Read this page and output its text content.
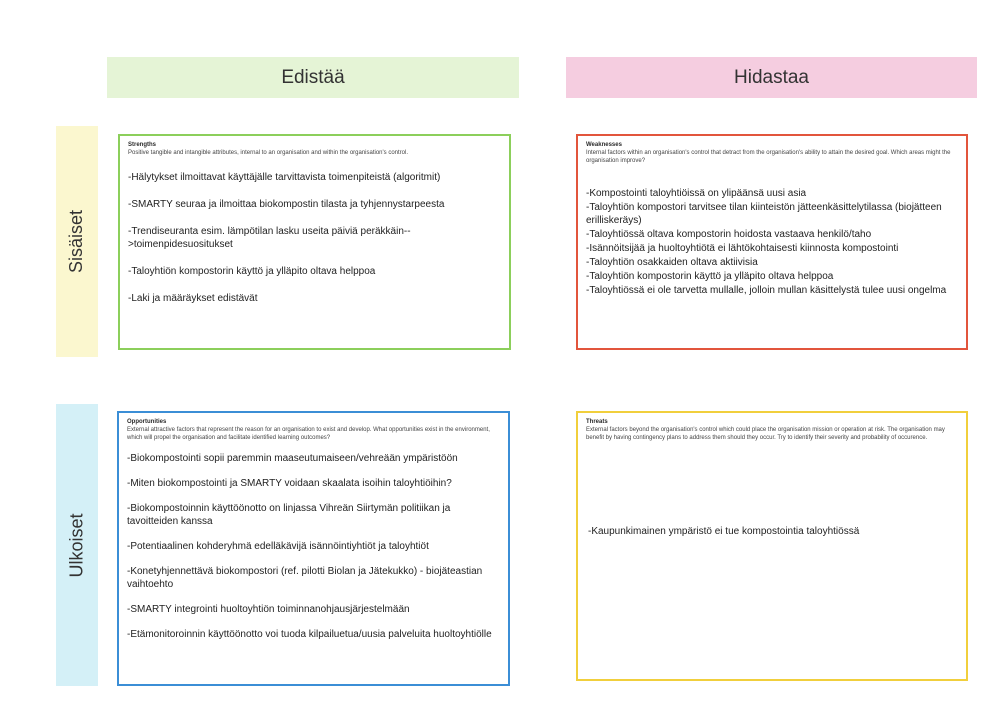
Edistää	Hidastaa
Sisäiset
Ulkoiset

Strengths

Positive tangible and intangible attributes, internal to an organisation and within the organisation's control.

-Hälytykset ilmoittavat käyttäjälle tarvittavista toimenpiteistä (algoritmit)
-SMARTY seuraa ja ilmoittaa biokompostin tilasta ja tyhjennystarpeesta
-Trendiseuranta esim. lämpötilan lasku useita päiviä peräkkäin-->toimenpidesuositukset
-Taloyhtiön kompostorin käyttö ja ylläpito oltava helppoa
-Laki ja määräykset edistävät

Weaknesses

Internal factors within an organisation's control that detract from the organisation's ability to attain the desired goal. Which areas might the organisation improve?

-Kompostointi taloyhtiöissä on ylipäänsä uusi asia
-Taloyhtiön kompostori tarvitsee tilan kiinteistön jätteenkäsittelytilassa (biojätteen erilliskeräys)
-Taloyhtiössä oltava kompostorin hoidosta vastaava henkilö/taho
-Isännöitsijää ja huoltoyhtiötä ei lähtökohtaisesti kiinnosta kompostointi
-Taloyhtiön osakkaiden oltava aktiivisia
-Taloyhtiön kompostorin käyttö ja ylläpito oltava helppoa
-Taloyhtiössä ei ole tarvetta mullalle, jolloin mullan käsittelystä tulee uusi ongelma

Opportunities

External attractive factors that represent the reason for an organisation to exist and develop. What opportunities exist in the environment, which will propel the organisation and facilitate identified learning outcomes?

-Biokompostointi sopii paremmin maaseutumaiseen/vehreään ympäristöön
-Miten biokompostointi ja SMARTY voidaan skaalata isoihin taloyhtiöihin?
-Biokompostoinnin käyttöönotto on linjassa Vihreän Siirtymän politiikan ja tavoitteiden kanssa
-Potentiaalinen kohderyhmä edelläkävijä isännöintiyhtiöt ja taloyhtiöt
-Konetyhjennettävä biokompostori (ref. pilotti Biolan ja Jätekukko) - biojäteastian vaihtoehto
-SMARTY integrointi huoltoyhtiön toiminnanohjausjärjestelmään
-Etämonitoroinnin käyttöönotto voi tuoda kilpailuetua/uusia palveluita huoltoyhtiölle

Threats

External factors beyond the organisation's control which could place the organisation mission or operation at risk. The organisation may benefit by having contingency plans to address them should they occur. Try to identify their severity and probability of occurence.

-Kaupunkimainen ympäristö ei tue kompostointia taloyhtiössä
